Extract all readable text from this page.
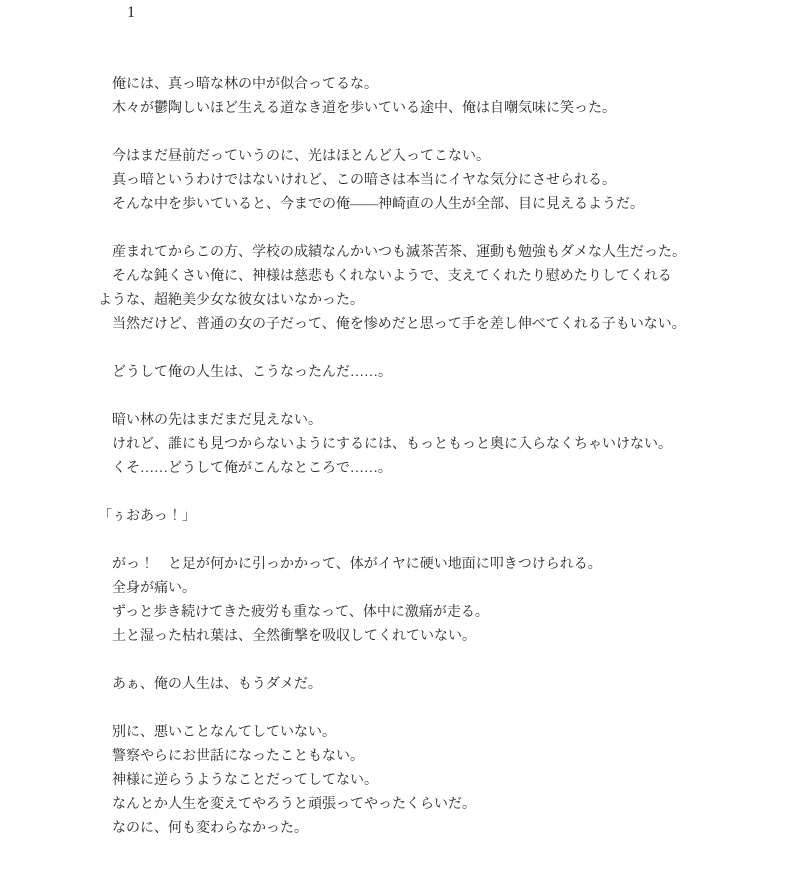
1
俺には、真っ暗な林の中が似合ってるな。
木々が鬱陶しいほど生える道なき道を歩いている途中、俺は自嘲気味に笑った。
今はまだ昼前だっていうのに、光はほとんど入ってこない。
真っ暗というわけではないけれど、この暗さは本当にイヤな気分にさせられる。
そんな中を歩いていると、今までの俺――神崎直の人生が全部、目に見えるようだ。
産まれてからこの方、学校の成績なんかいつも滅茶苦茶、運動も勉強もダメな人生だった。
そんな鈍くさい俺に、神様は慈悲もくれないようで、支えてくれたり慰めたりしてくれる
ような、超絶美少女な彼女はいなかった。
当然だけど、普通の女の子だって、俺を惨めだと思って手を差し伸べてくれる子もいない。
どうして俺の人生は、こうなったんだ……。
暗い林の先はまだまだ見えない。
けれど、誰にも見つからないようにするには、もっともっと奥に入らなくちゃいけない。
くそ……どうして俺がこんなところで……。
「ぅおあっ！」
がっ！　と足が何かに引っかかって、体がイヤに硬い地面に叩きつけられる。
全身が痛い。
ずっと歩き続けてきた疲労も重なって、体中に激痛が走る。
土と湿った枯れ葉は、全然衝撃を吸収してくれていない。
あぁ、俺の人生は、もうダメだ。
別に、悪いことなんてしていない。
警察やらにお世話になったこともない。
神様に逆らうようなことだってしてない。
なんとか人生を変えてやろうと頑張ってやったくらいだ。
なのに、何も変わらなかった。
